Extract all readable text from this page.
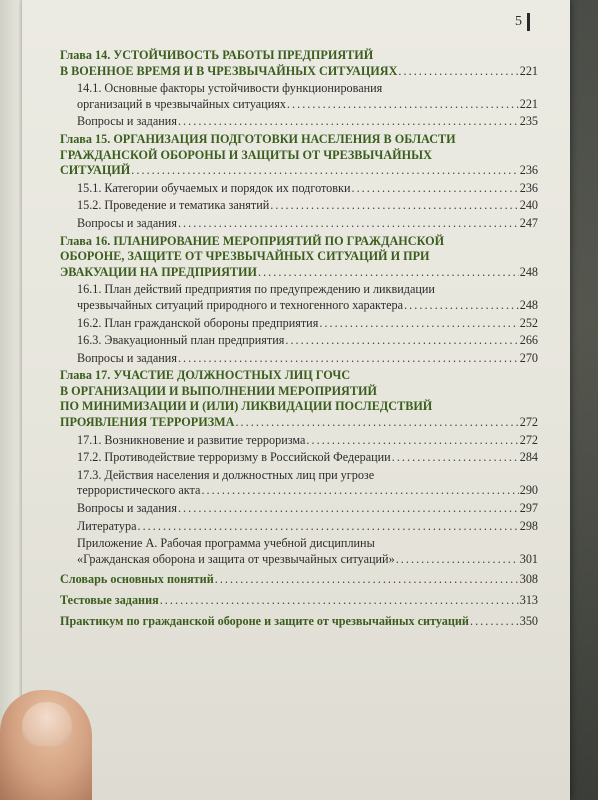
5
Глава 14. УСТОЙЧИВОСТЬ РАБОТЫ ПРЕДПРИЯТИЙ
В ВОЕННОЕ ВРЕМЯ И В ЧРЕЗВЫЧАЙНЫХ СИТУАЦИЯХ . . .	221
14.1. Основные факторы устойчивости функционирования
организаций в чрезвычайных ситуациях . . .	221
Вопросы и задания . . .	235
Глава 15. ОРГАНИЗАЦИЯ ПОДГОТОВКИ НАСЕЛЕНИЯ В ОБЛАСТИ
ГРАЖДАНСКОЙ ОБОРОНЫ И ЗАЩИТЫ ОТ ЧРЕЗВЫЧАЙНЫХ
СИТУАЦИЙ . . .	236
15.1. Категории обучаемых и порядок их подготовки . . .	236
15.2. Проведение и тематика занятий . . .	240
Вопросы и задания . . .	247
Глава 16. ПЛАНИРОВАНИЕ МЕРОПРИЯТИЙ ПО ГРАЖДАНСКОЙ
ОБОРОНЕ, ЗАЩИТЕ ОТ ЧРЕЗВЫЧАЙНЫХ СИТУАЦИЙ И ПРИ
ЭВАКУАЦИИ НА ПРЕДПРИЯТИИ . . .	248
16.1. План действий предприятия по предупреждению и ликвидации
чрезвычайных ситуаций природного и техногенного характера . . .	248
16.2. План гражданской обороны предприятия . . .	252
16.3. Эвакуационный план предприятия . . .	266
Вопросы и задания . . .	270
Глава 17. УЧАСТИЕ ДОЛЖНОСТНЫХ ЛИЦ ГОЧС
В ОРГАНИЗАЦИИ И ВЫПОЛНЕНИИ МЕРОПРИЯТИЙ
ПО МИНИМИЗАЦИИ И (ИЛИ) ЛИКВИДАЦИИ ПОСЛЕДСТВИЙ
ПРОЯВЛЕНИЯ ТЕРРОРИЗМА . . .	272
17.1. Возникновение и развитие терроризма . . .	272
17.2. Противодействие терроризму в Российской Федерации . . .	284
17.3. Действия населения и должностных лиц при угрозе
террористического акта . . .	290
Вопросы и задания . . .	297
Литература . . .	298
Приложение А. Рабочая программа учебной дисциплины
«Гражданская оборона и защита от чрезвычайных ситуаций» . . .	301
Словарь основных понятий . . .	308
Тестовые задания . . .	313
Практикум по гражданской обороне и защите от чрезвычайных ситуаций . . .	350
